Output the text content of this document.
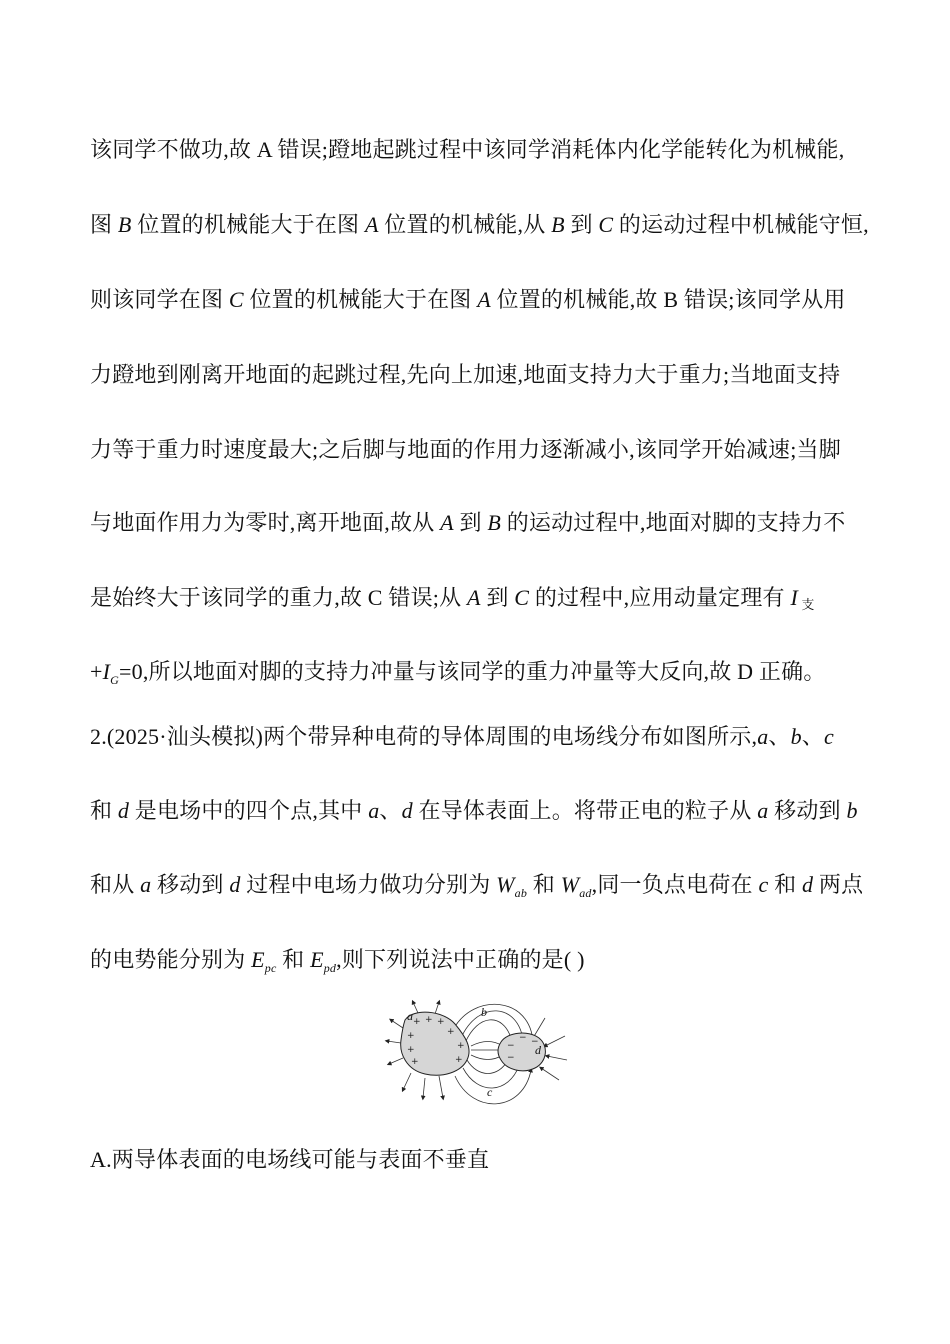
该同学不做功,故 A 错误;蹬地起跳过程中该同学消耗体内化学能转化为机械能,
图 B 位置的机械能大于在图 A 位置的机械能,从 B 到 C 的运动过程中机械能守恒,
则该同学在图 C 位置的机械能大于在图 A 位置的机械能,故 B 错误;该同学从用
力蹬地到刚离开地面的起跳过程,先向上加速,地面支持力大于重力;当地面支持
力等于重力时速度最大;之后脚与地面的作用力逐渐减小,该同学开始减速;当脚
与地面作用力为零时,离开地面,故从 A 到 B 的运动过程中,地面对脚的支持力不
是始终大于该同学的重力,故 C 错误;从 A 到 C 的过程中,应用动量定理有 I 支
$+I_G=0$,所以地面对脚的支持力冲量与该同学的重力冲量等大反向,故 D 正确。
2.(2025·汕头模拟)两个带异种电荷的导体周围的电场线分布如图所示,a、b、c
和 d 是电场中的四个点,其中 a、d 在导体表面上。将带正电的粒子从 a 移动到 b
和从 a 移动到 d 过程中电场力做功分别为 $W_{ab}$ 和 $W_{ad}$,同一负点电荷在 c 和 d 两点
的电势能分别为 $E_{pc}$ 和 $E_{pd}$,则下列说法中正确的是( )
+ + +
+
+
+
+
+
+
−
−
− −
a	b
c
d
A.两导体表面的电场线可能与表面不垂直
